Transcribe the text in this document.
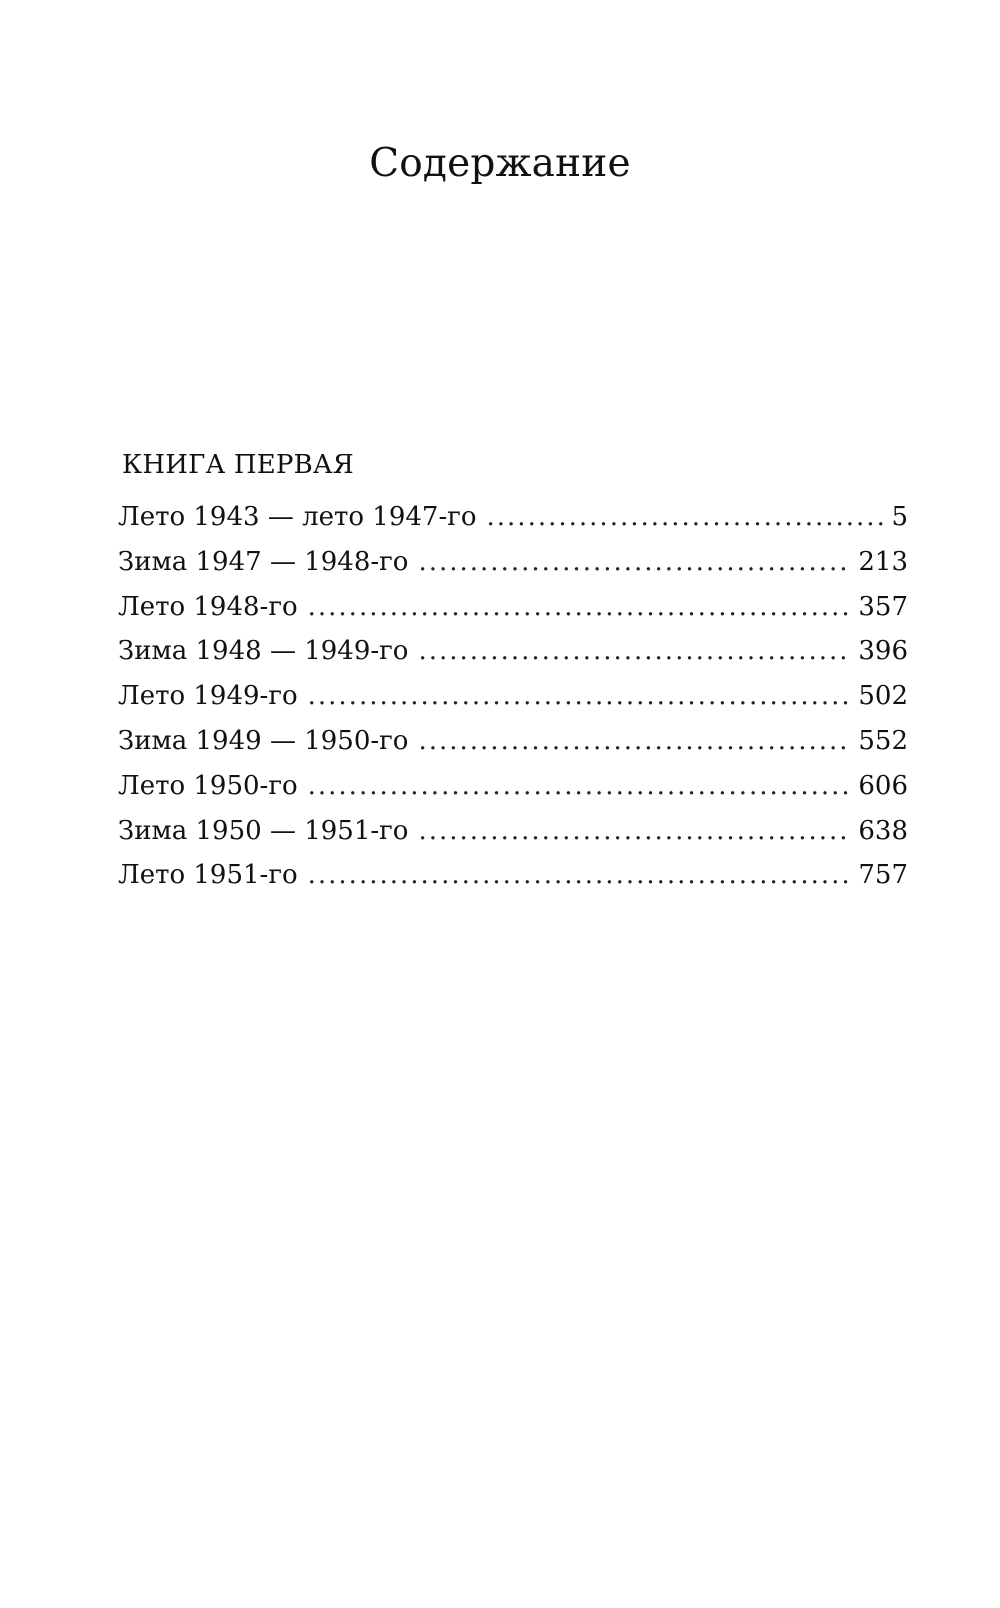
Содержание
КНИГА ПЕРВАЯ
Лето 1943 — лето 1947-го .....	5
Зима 1947 — 1948-го .....	213
Лето 1948-го .....	357
Зима 1948 — 1949-го .....	396
Лето 1949-го .....	502
Зима 1949 — 1950-го .....	552
Лето 1950-го .....	606
Зима 1950 — 1951-го .....	638
Лето 1951-го .....	757
